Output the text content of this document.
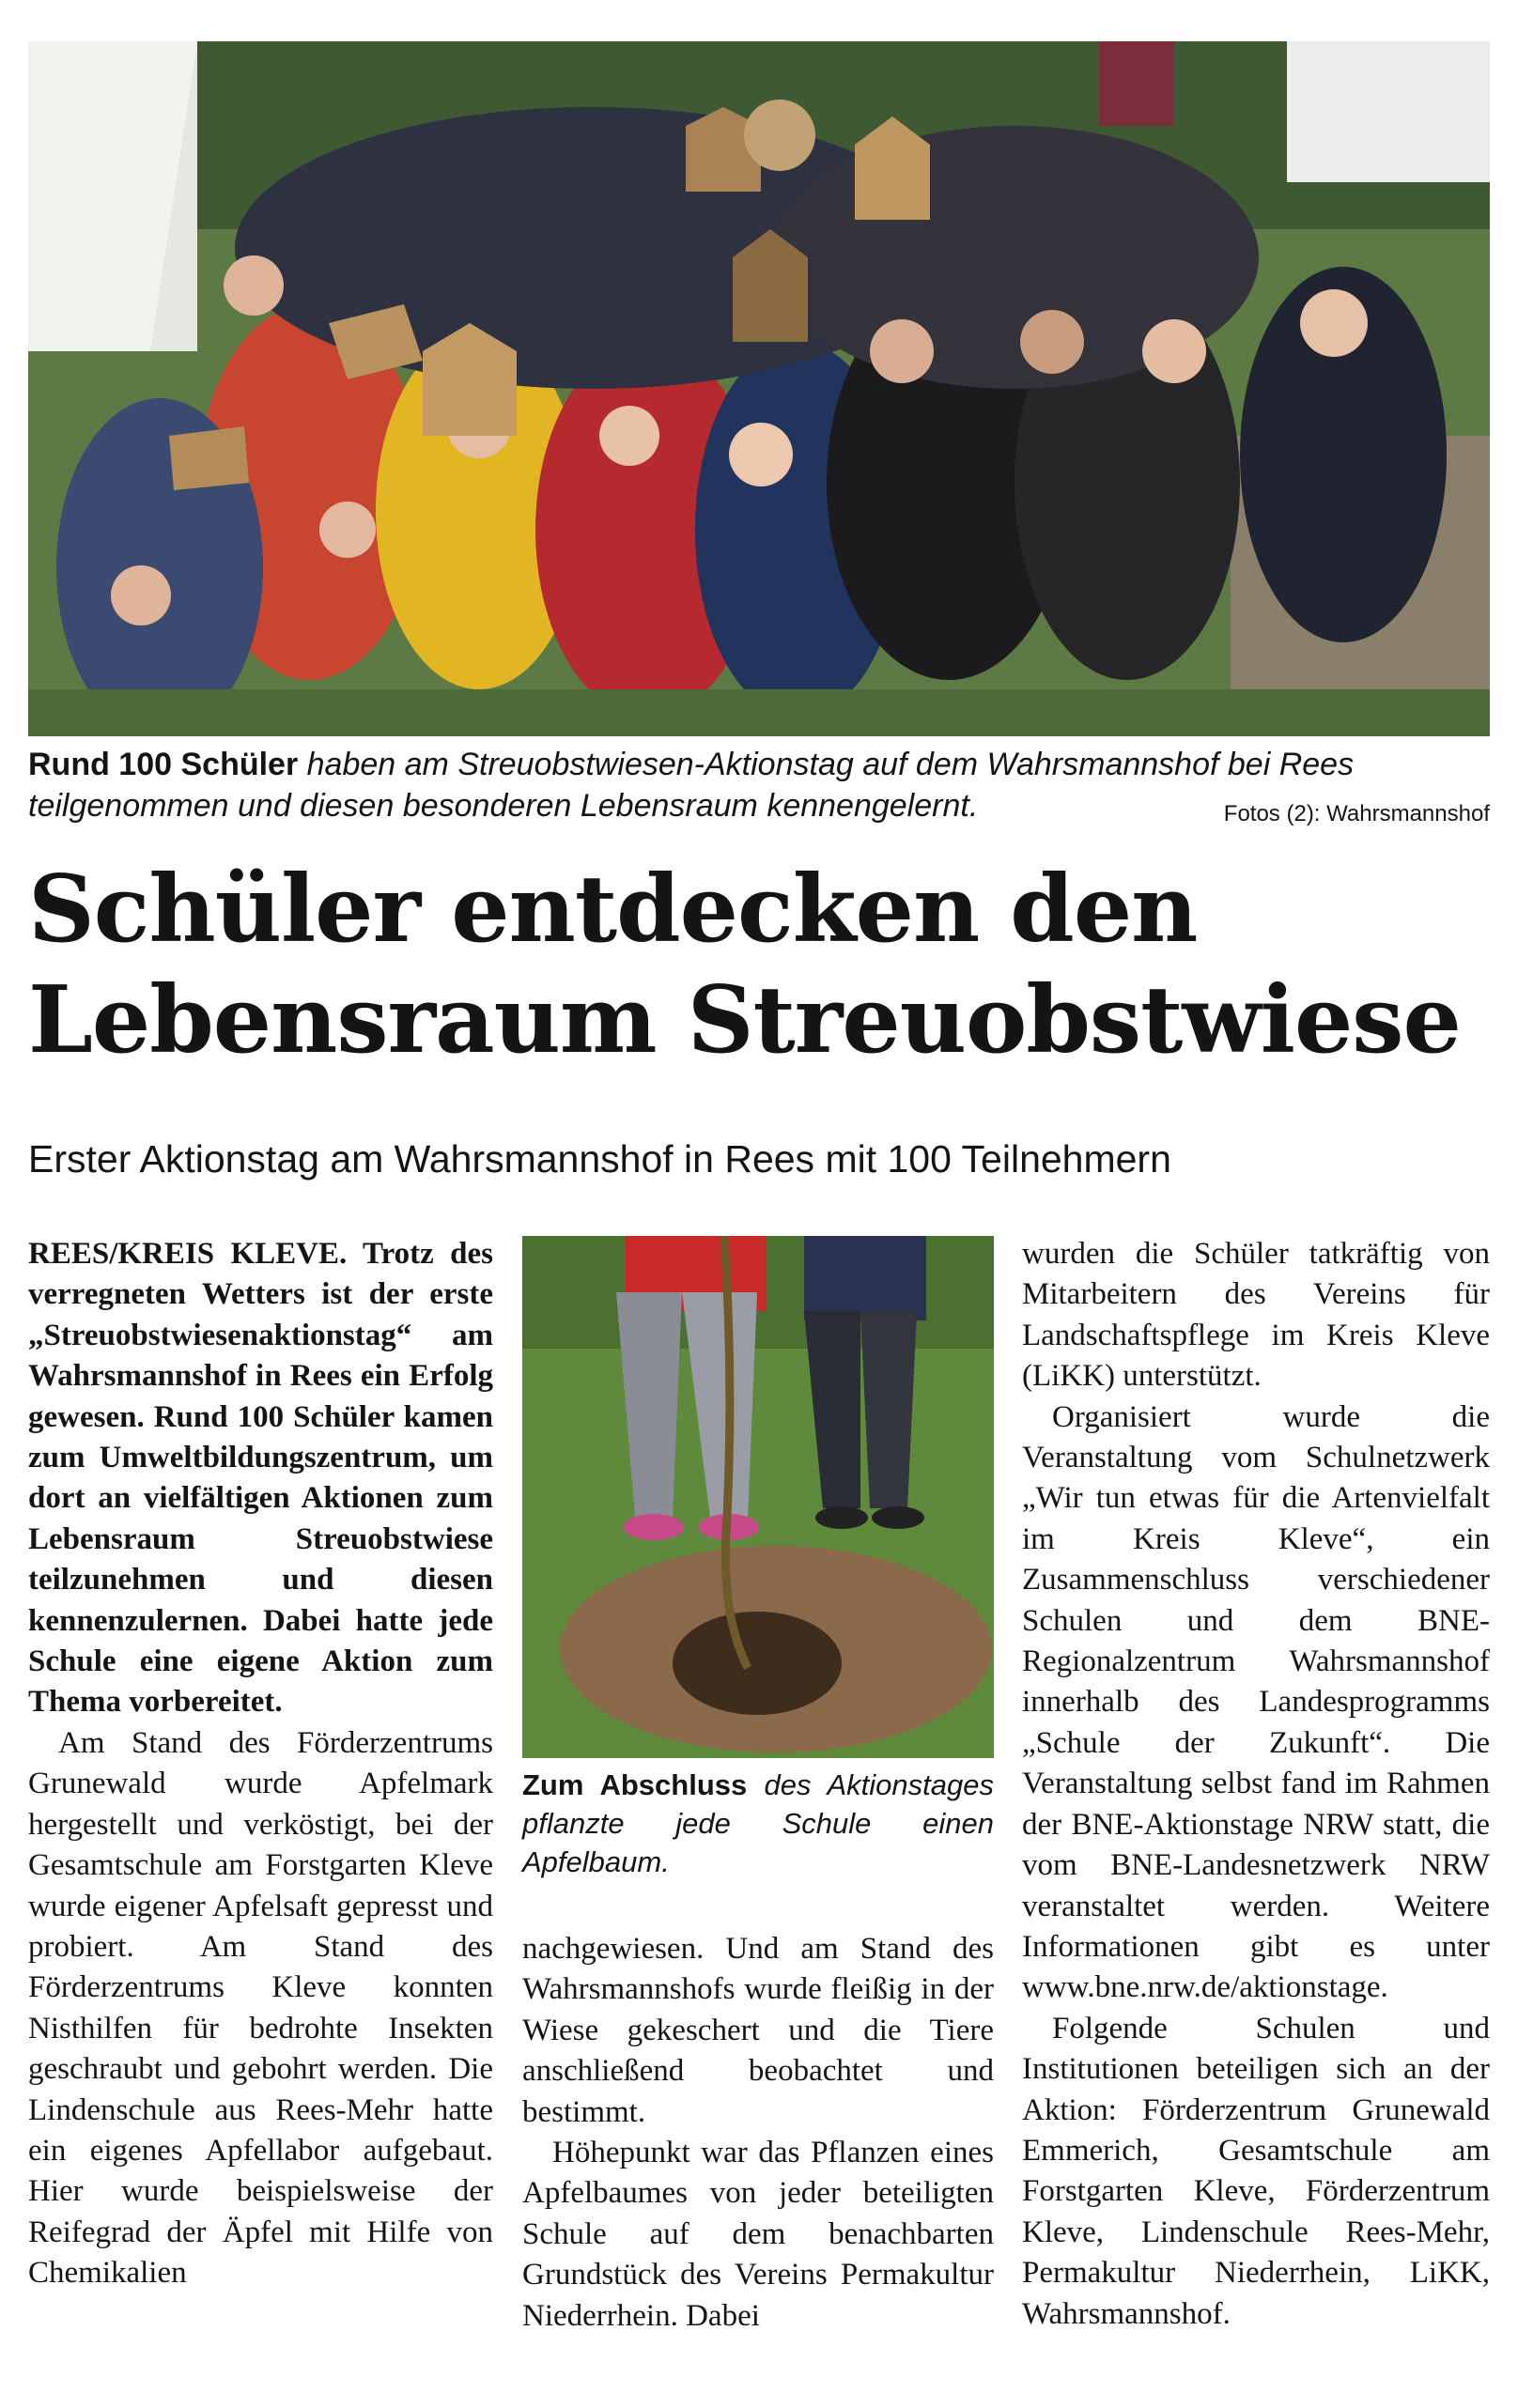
Rund 100 Schüler haben am Streuobstwiesen-Aktionstag auf dem Wahrsmannshof bei Rees teilgenommen und diesen besonderen Lebensraum kennengelernt.	Fotos (2): Wahrsmannshof
Schüler entdecken den
Lebensraum Streuobstwiese
Erster Aktionstag am Wahrsmannshof in Rees mit 100 Teilnehmern

REES/KREIS KLEVE. Trotz des verregneten Wetters ist der erste „Streuobstwiesenaktionstag“ am Wahrsmannshof in Rees ein Erfolg gewesen. Rund 100 Schüler kamen zum Umweltbildungszentrum, um dort an vielfältigen Aktionen zum Lebensraum Streuobstwiese teilzunehmen und diesen kennenzulernen. Dabei hatte jede Schule eine eigene Aktion zum Thema vorbereitet.

Am Stand des Förderzentrums Grunewald wurde Apfelmark hergestellt und verköstigt, bei der Gesamtschule am Forstgarten Kleve wurde eigener Apfelsaft gepresst und probiert. Am Stand des Förderzentrums Kleve konnten Nisthilfen für bedrohte Insekten geschraubt und gebohrt werden. Die Lindenschule aus Rees-Mehr hatte ein eigenes Apfellabor aufgebaut. Hier wurde beispielsweise der Reifegrad der Äpfel mit Hilfe von Chemikalien

Zum Abschluss des Aktionstages pflanzte jede Schule einen Apfelbaum.

nachgewiesen. Und am Stand des Wahrsmannshofs wurde fleißig in der Wiese gekeschert und die Tiere anschließend beobachtet und bestimmt.

Höhepunkt war das Pflanzen eines Apfelbaumes von jeder beteiligten Schule auf dem benachbarten Grundstück des Vereins Permakultur Niederrhein. Dabei

wurden die Schüler tatkräftig von Mitarbeitern des Vereins für Landschaftspflege im Kreis Kleve (LiKK) unterstützt.

Organisiert wurde die Veranstaltung vom Schulnetzwerk „Wir tun etwas für die Artenvielfalt im Kreis Kleve“, ein Zusammenschluss verschiedener Schulen und dem BNE-Regionalzentrum Wahrsmannshof innerhalb des Landesprogramms „Schule der Zukunft“. Die Veranstaltung selbst fand im Rahmen der BNE-Aktionstage NRW statt, die vom BNE-Landesnetzwerk NRW veranstaltet werden. Weitere Informationen gibt es unter www.bne.nrw.de/aktionstage.

Folgende Schulen und Institutionen beteiligen sich an der Aktion: Förderzentrum Grunewald Emmerich, Gesamtschule am Forstgarten Kleve, Förderzentrum Kleve, Lindenschule Rees-Mehr, Permakultur Niederrhein, LiKK, Wahrsmannshof.
